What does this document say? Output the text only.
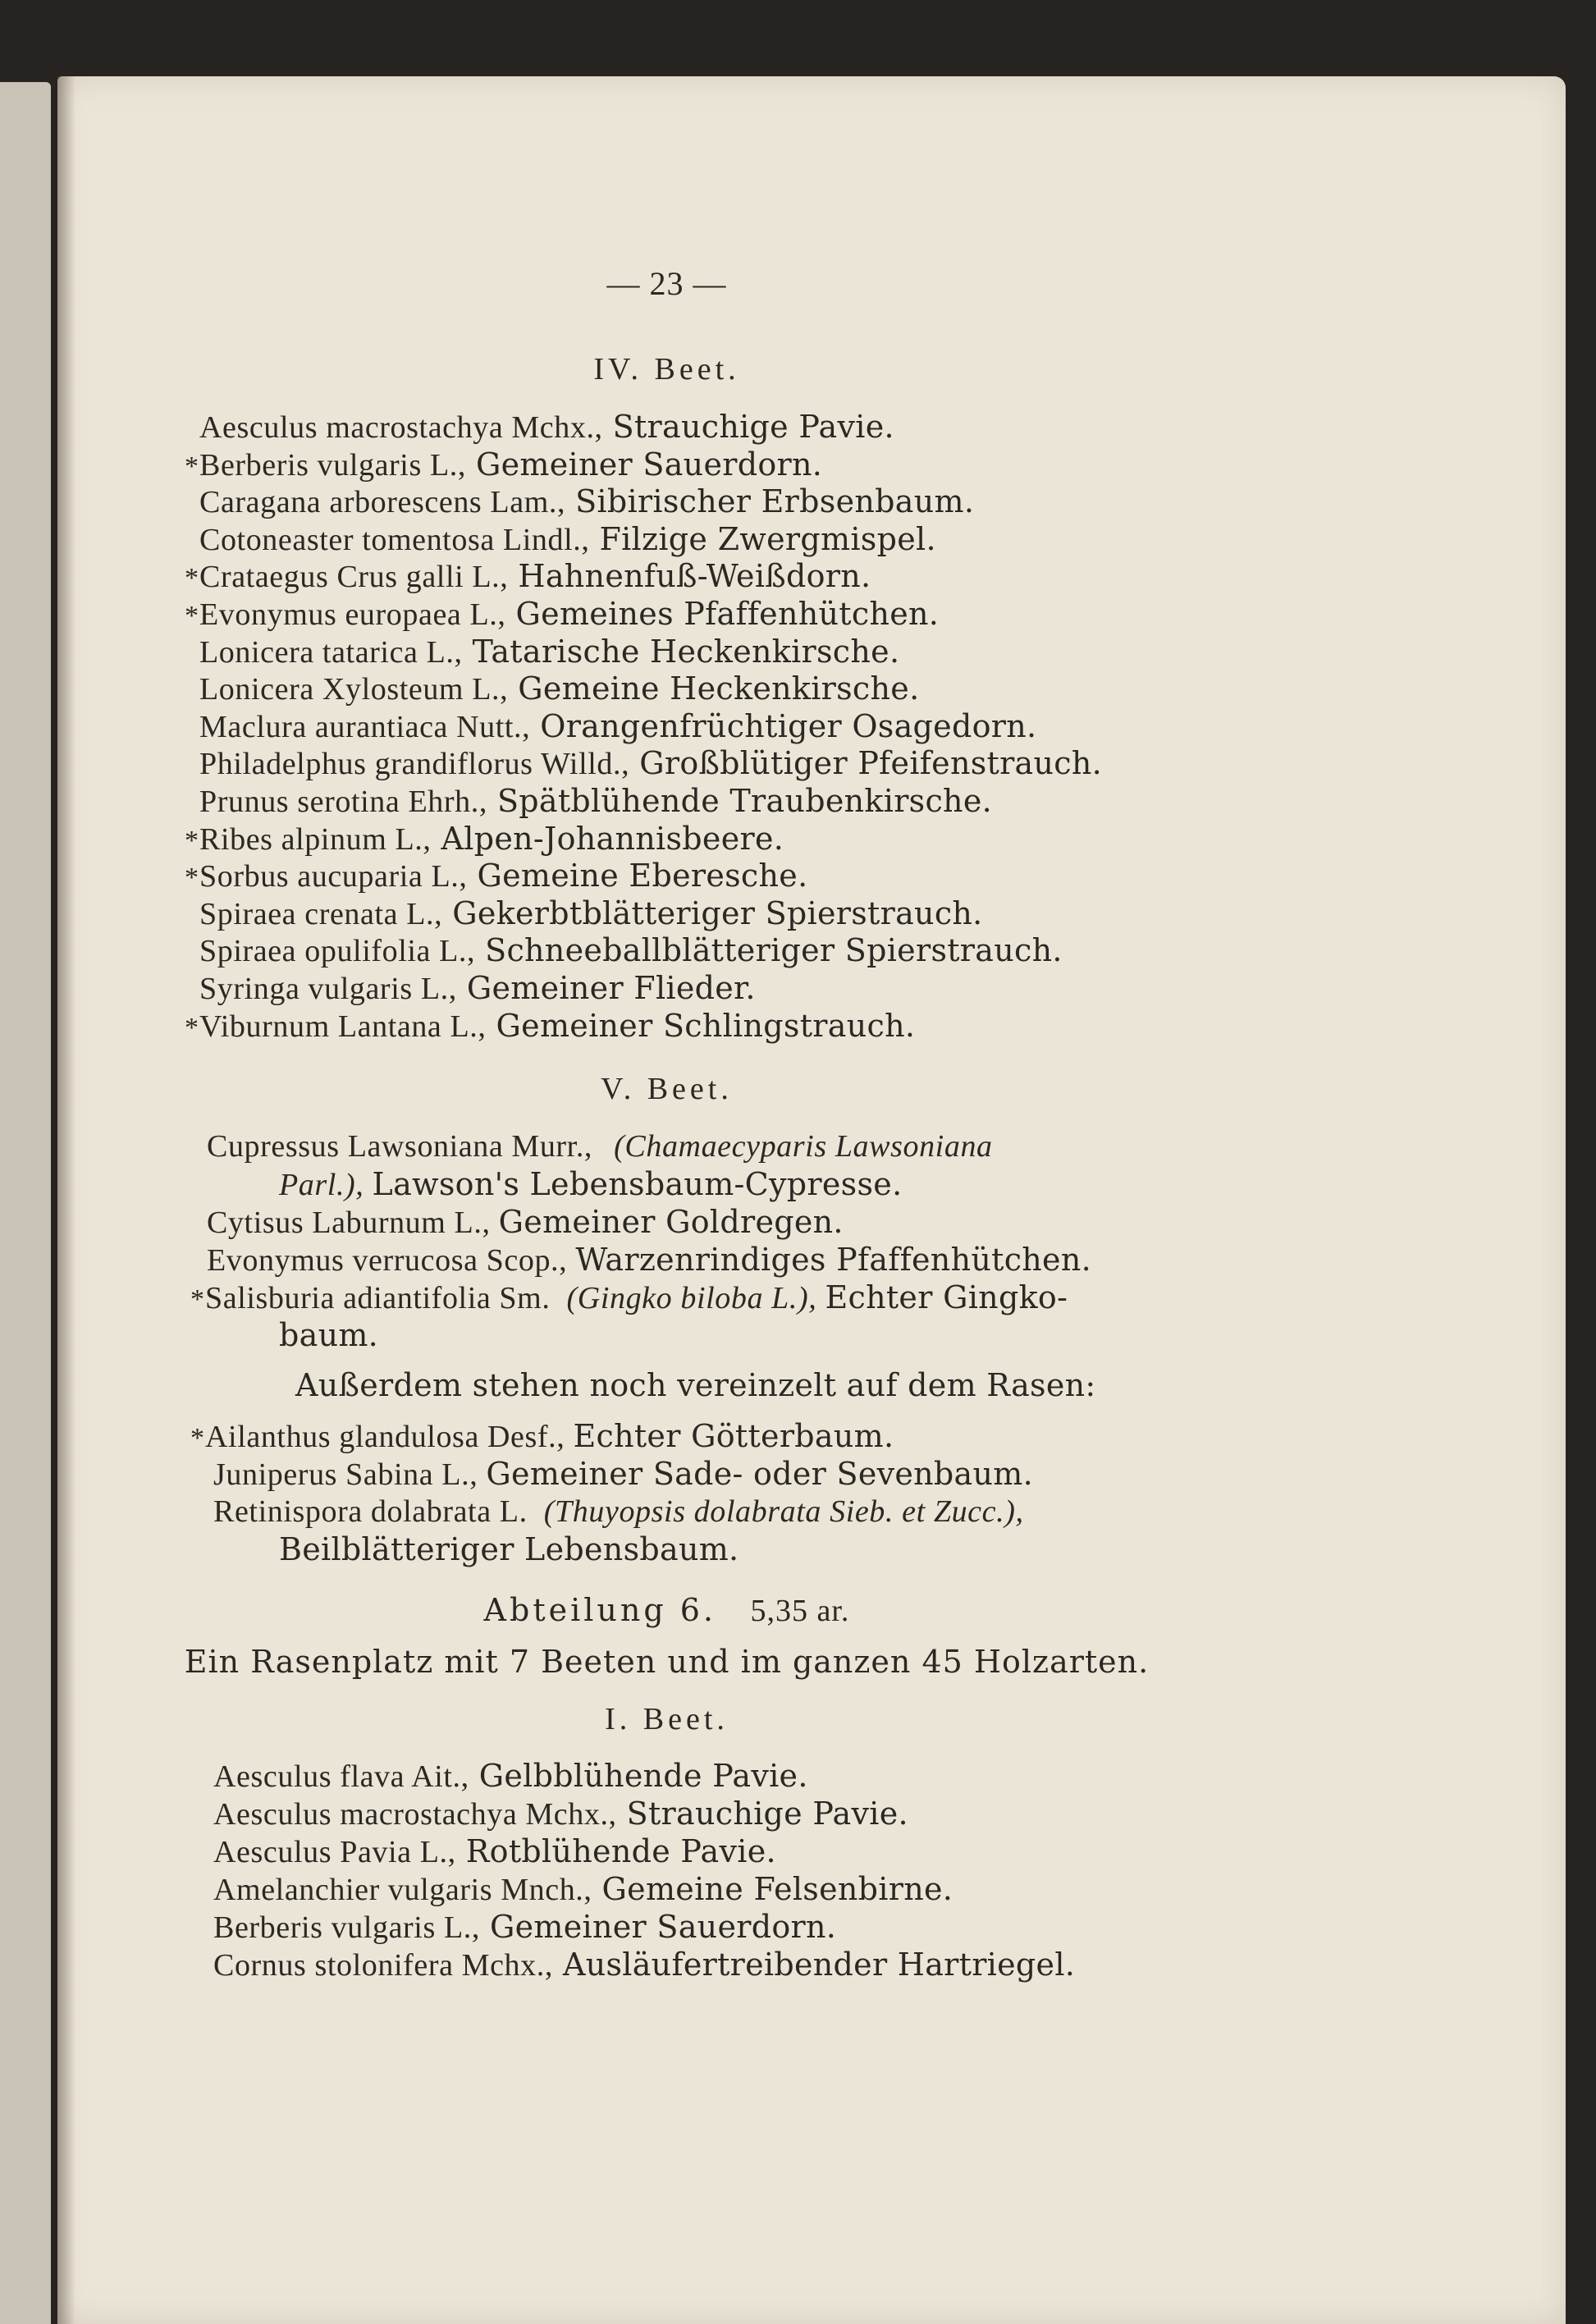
— 23 —
IV. Beet.
Aesculus macrostachya Mchx., Strauchige Pavie.
*Berberis vulgaris L., Gemeiner Sauerdorn.
Caragana arborescens Lam., Sibirischer Erbsenbaum.
Cotoneaster tomentosa Lindl., Filzige Zwergmispel.
*Crataegus Crus galli L., Hahnenfuß-Weißdorn.
*Evonymus europaea L., Gemeines Pfaffenhütchen.
Lonicera tatarica L., Tatarische Heckenkirsche.
Lonicera Xylosteum L., Gemeine Heckenkirsche.
Maclura aurantiaca Nutt., Orangenfrüchtiger Osagedorn.
Philadelphus grandiflorus Willd., Großblütiger Pfeifenstrauch.
Prunus serotina Ehrh., Spätblühende Traubenkirsche.
*Ribes alpinum L., Alpen-Johannisbeere.
*Sorbus aucuparia L., Gemeine Eberesche.
Spiraea crenata L., Gekerbtblätteriger Spierstrauch.
Spiraea opulifolia L., Schneeballblätteriger Spierstrauch.
Syringa vulgaris L., Gemeiner Flieder.
*Viburnum Lantana L., Gemeiner Schlingstrauch.
V. Beet.
Cupressus Lawsoniana Murr., (Chamaecyparis Lawsoniana
Parl.), Lawson's Lebensbaum-Cypresse.
Cytisus Laburnum L., Gemeiner Goldregen.
Evonymus verrucosa Scop., Warzenrindiges Pfaffenhütchen.
*Salisburia adiantifolia Sm. (Gingko biloba L.), Echter Gingko-
baum.
Außerdem stehen noch vereinzelt auf dem Rasen:
*Ailanthus glandulosa Desf., Echter Götterbaum.
Juniperus Sabina L., Gemeiner Sade- oder Sevenbaum.
Retinispora dolabrata L. (Thuyopsis dolabrata Sieb. et Zucc.),
Beilblätteriger Lebensbaum.
Abteilung 6. 5,35 ar.
Ein Rasenplatz mit 7 Beeten und im ganzen 45 Holzarten.
I. Beet.
Aesculus flava Ait., Gelbblühende Pavie.
Aesculus macrostachya Mchx., Strauchige Pavie.
Aesculus Pavia L., Rotblühende Pavie.
Amelanchier vulgaris Mnch., Gemeine Felsenbirne.
Berberis vulgaris L., Gemeiner Sauerdorn.
Cornus stolonifera Mchx., Ausläufertreibender Hartriegel.
